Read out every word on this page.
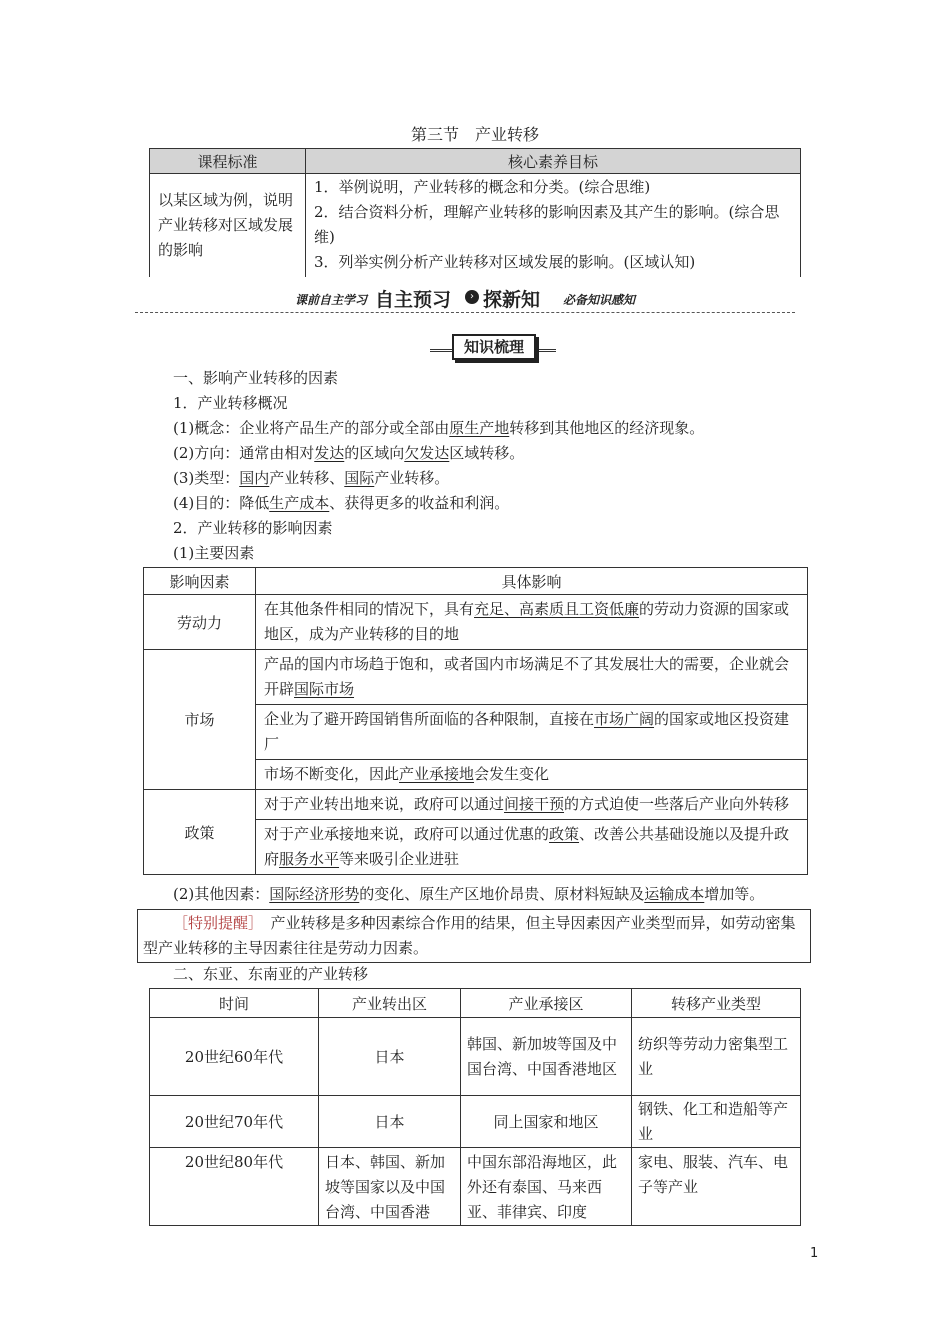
第三节　产业转移
课程标准	核心素养目标
以某区域为例，说明产业转移对区域发展的影响	1．举例说明，产业转移的概念和分类。(综合思维)
2．结合资料分析，理解产业转移的影响因素及其产生的影响。(综合思维)
3．列举实例分析产业转移对区域发展的影响。(区域认知)
课前自主学习 自主预习	› 探新知 必备知识感知
知识梳理
一、影响产业转移的因素
1．产业转移概况
(1)概念：企业将产品生产的部分或全部由原生产地转移到其他地区的经济现象。
(2)方向：通常由相对发达的区域向欠发达区域转移。
(3)类型：国内产业转移、国际产业转移。
(4)目的：降低生产成本、获得更多的收益和利润。
2．产业转移的影响因素
(1)主要因素
影响因素	具体影响
劳动力	在其他条件相同的情况下，具有充足、高素质且工资低廉的劳动力资源的国家或地区，成为产业转移的目的地
市场	产品的国内市场趋于饱和，或者国内市场满足不了其发展壮大的需要，企业就会开辟国际市场
	企业为了避开跨国销售所面临的各种限制，直接在市场广阔的国家或地区投资建厂
	市场不断变化，因此产业承接地会发生变化
政策	对于产业转出地来说，政府可以通过间接干预的方式迫使一些落后产业向外转移
	对于产业承接地来说，政府可以通过优惠的政策、改善公共基础设施以及提升政府服务水平等来吸引企业进驻
(2)其他因素：国际经济形势的变化、原生产区地价昂贵、原材料短缺及运输成本增加等。
［特别提醒］　产业转移是多种因素综合作用的结果，但主导因素因产业类型而异，如劳动密集型产业转移的主导因素往往是劳动力因素。
二、东亚、东南亚的产业转移
时间	产业转出区	产业承接区	转移产业类型
20世纪60年代	日本	韩国、新加坡等国及中国台湾、中国香港地区	纺织等劳动力密集型工业
20世纪70年代	日本	同上国家和地区	钢铁、化工和造船等产业
20世纪80年代	日本、韩国、新加坡等国家以及中国台湾、中国香港	中国东部沿海地区，此外还有泰国、马来西亚、菲律宾、印度	家电、服装、汽车、电子等产业
1
